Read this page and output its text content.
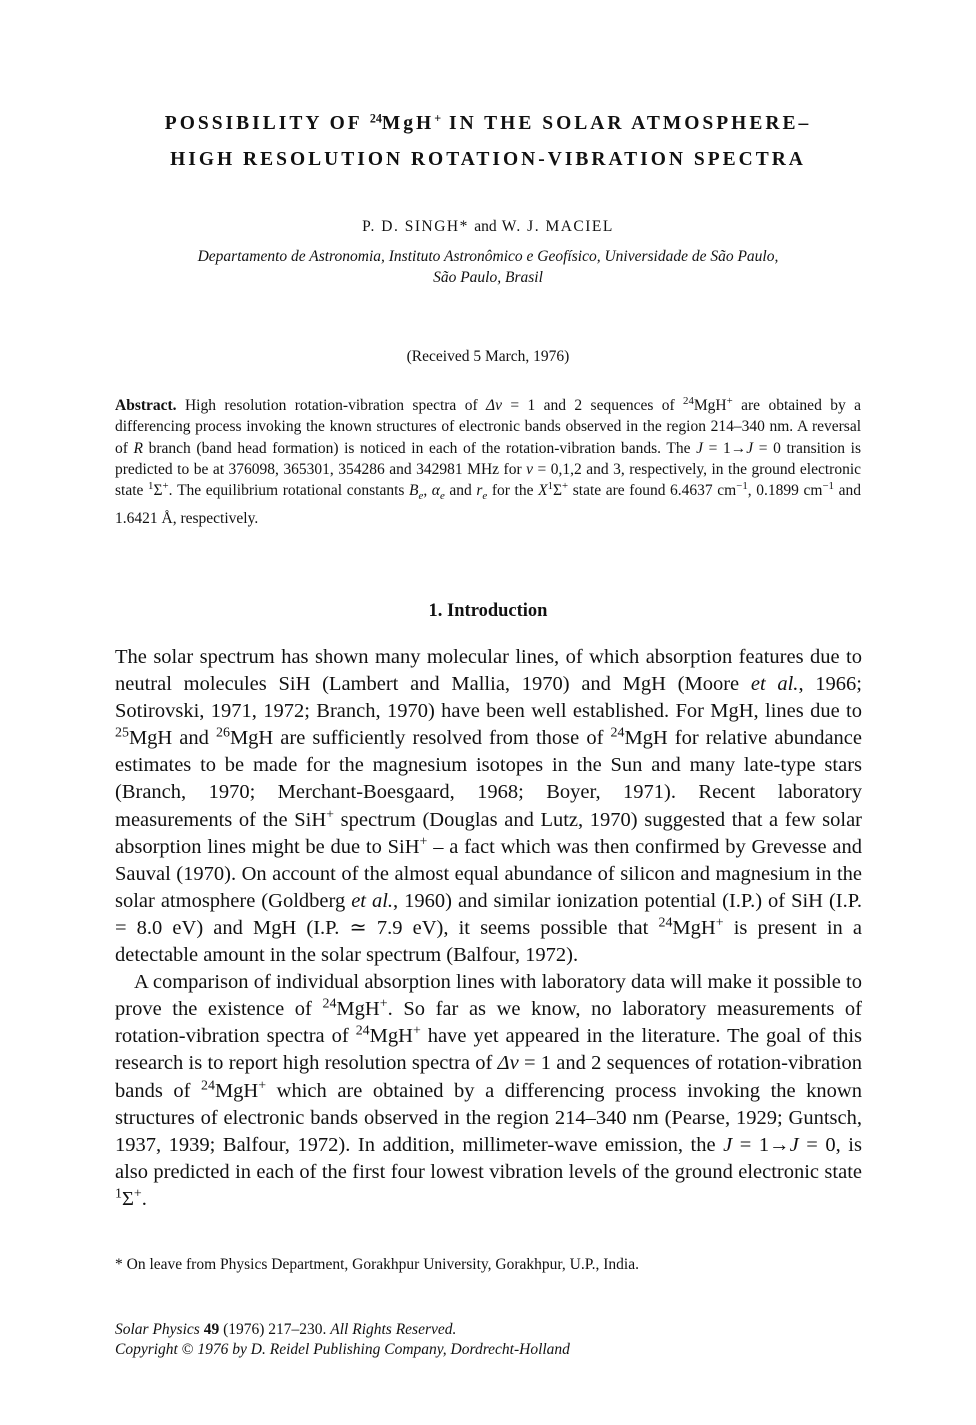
POSSIBILITY OF $^{24}$MgH+ IN THE SOLAR ATMOSPHERE–
HIGH RESOLUTION ROTATION-VIBRATION SPECTRA
P. D. SINGH* and W. J. MACIEL
Departamento de Astronomia, Instituto Astronômico e Geofísico, Universidade de São Paulo,
São Paulo, Brasil
(Received 5 March, 1976)
Abstract. High resolution rotation-vibration spectra of Δv = 1 and 2 sequences of $^{24}$MgH+ are obtained by a differencing process invoking the known structures of electronic bands observed in the region 214–340 nm. A reversal of R branch (band head formation) is noticed in each of the rotation-vibration bands. The J = 1→J = 0 transition is predicted to be at 376098, 365301, 354286 and 342981 MHz for v = 0,1,2 and 3, respectively, in the ground electronic state $^1$Σ+. The equilibrium rotational constants $B_e$, $\alpha_e$ and $r_e$ for the $X^1\Sigma^+$ state are found 6.4637 $cm^{-1}$, 0.1899 $cm^{-1}$ and 1.6421 Å, respectively.
1. Introduction

The solar spectrum has shown many molecular lines, of which absorption features due to neutral molecules SiH (Lambert and Mallia, 1970) and MgH (Moore et al., 1966; Sotirovski, 1971, 1972; Branch, 1970) have been well established. For MgH, lines due to $^{25}$MgH and $^{26}$MgH are sufficiently resolved from those of $^{24}$MgH for relative abundance estimates to be made for the magnesium isotopes in the Sun and many late-type stars (Branch, 1970; Merchant-Boesgaard, 1968; Boyer, 1971). Recent laboratory measurements of the SiH+ spectrum (Douglas and Lutz, 1970) suggested that a few solar absorption lines might be due to SiH+ – a fact which was then confirmed by Grevesse and Sauval (1970). On account of the almost equal abundance of silicon and magnesium in the solar atmosphere (Goldberg et al., 1960) and similar ionization potential (I.P.) of SiH (I.P. = 8.0 eV) and MgH (I.P. ≃ 7.9 eV), it seems possible that $^{24}$MgH+ is present in a detectable amount in the solar spectrum (Balfour, 1972).

A comparison of individual absorption lines with laboratory data will make it possible to prove the existence of $^{24}$MgH+. So far as we know, no laboratory measurements of rotation-vibration spectra of $^{24}$MgH+ have yet appeared in the literature. The goal of this research is to report high resolution spectra of Δv = 1 and 2 sequences of rotation-vibration bands of $^{24}$MgH+ which are obtained by a differencing process invoking the known structures of electronic bands observed in the region 214–340 nm (Pearse, 1929; Guntsch, 1937, 1939; Balfour, 1972). In addition, millimeter-wave emission, the J = 1→J = 0, is also predicted in each of the first four lowest vibration levels of the ground electronic state $^1$Σ+.

* On leave from Physics Department, Gorakhpur University, Gorakhpur, U.P., India.
Solar Physics 49 (1976) 217–230. All Rights Reserved.
Copyright © 1976 by D. Reidel Publishing Company, Dordrecht-Holland
